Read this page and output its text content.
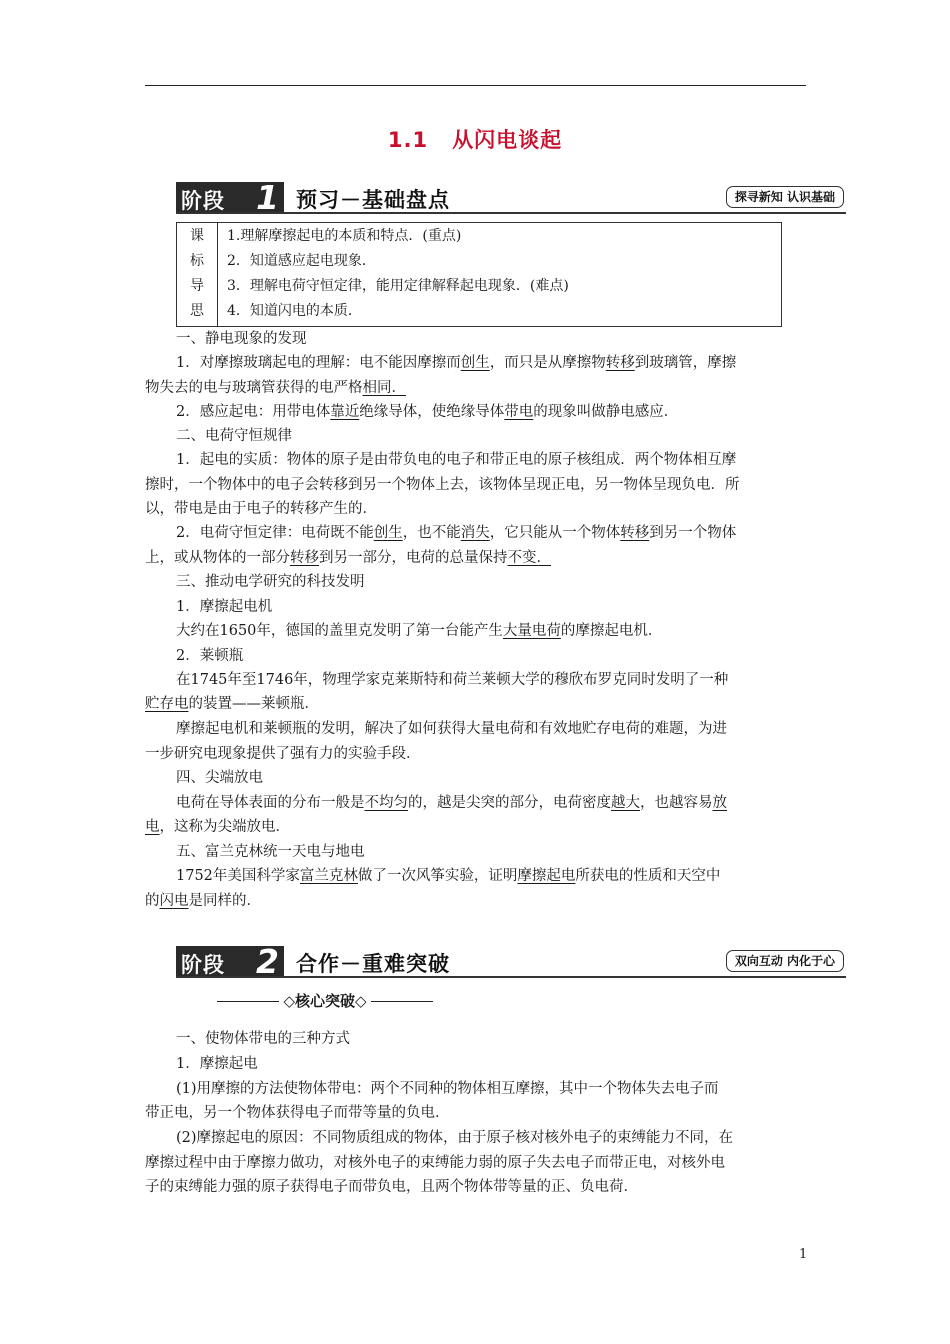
1.1 从闪电谈起
阶段 1 预习－基础盘点	探寻新知 认识基础
课
标
导
思
1.理解摩擦起电的本质和特点．(重点)
2．知道感应起电现象．
3．理解电荷守恒定律，能用定律解释起电现象．(难点)
4．知道闪电的本质．
一、静电现象的发现
1．对摩擦玻璃起电的理解：电不能因摩擦而创生，而只是从摩擦物转移到玻璃管，摩擦
物失去的电与玻璃管获得的电严格相同．
2．感应起电：用带电体靠近绝缘导体，使绝缘导体带电的现象叫做静电感应．
二、电荷守恒规律
1．起电的实质：物体的原子是由带负电的电子和带正电的原子核组成．两个物体相互摩
擦时，一个物体中的电子会转移到另一个物体上去，该物体呈现正电，另一物体呈现负电．所
以，带电是由于电子的转移产生的．
2．电荷守恒定律：电荷既不能创生，也不能消失，它只能从一个物体转移到另一个物体
上，或从物体的一部分转移到另一部分，电荷的总量保持不变．
三、推动电学研究的科技发明
1．摩擦起电机
大约在1650年，德国的盖里克发明了第一台能产生大量电荷的摩擦起电机．
2．莱顿瓶
在1745年至1746年，物理学家克莱斯特和荷兰莱顿大学的穆欣布罗克同时发明了一种
贮存电的装置——莱顿瓶．
摩擦起电机和莱顿瓶的发明，解决了如何获得大量电荷和有效地贮存电荷的难题，为进
一步研究电现象提供了强有力的实验手段．
四、尖端放电
电荷在导体表面的分布一般是不均匀的，越是尖突的部分，电荷密度越大，也越容易放
电，这称为尖端放电．
五、富兰克林统一天电与地电
1752年美国科学家富兰克林做了一次风筝实验，证明摩擦起电所获电的性质和天空中
的闪电是同样的．
阶段 2 合作－重难突破	双向互动 内化于心
◇核心突破◇
一、使物体带电的三种方式
1．摩擦起电
(1)用摩擦的方法使物体带电：两个不同种的物体相互摩擦，其中一个物体失去电子而
带正电，另一个物体获得电子而带等量的负电．
(2)摩擦起电的原因：不同物质组成的物体，由于原子核对核外电子的束缚能力不同，在
摩擦过程中由于摩擦力做功，对核外电子的束缚能力弱的原子失去电子而带正电，对核外电
子的束缚能力强的原子获得电子而带负电，且两个物体带等量的正、负电荷．
1
